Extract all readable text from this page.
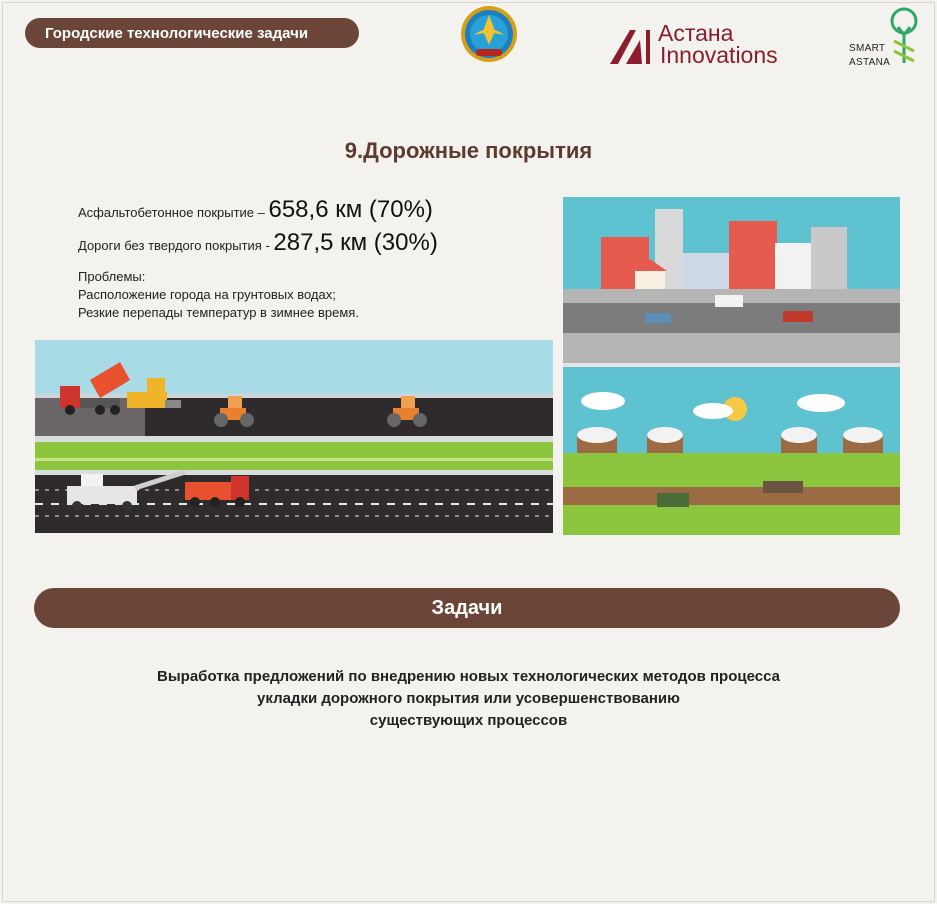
Городские технологические задачи	Астана
Innovations	SMART
ASTANA
9.Дорожные покрытия
Асфальтобетонное покрытие – 658,6 км (70%)
Дороги без твердого покрытия - 287,5 км (30%)
Проблемы:
Расположение города на грунтовых водах;
Резкие перепады температур в зимнее время.
Задачи
Выработка предложений по внедрению новых технологических методов процесса
укладки дорожного покрытия или усовершенствованию
существующих процессов
